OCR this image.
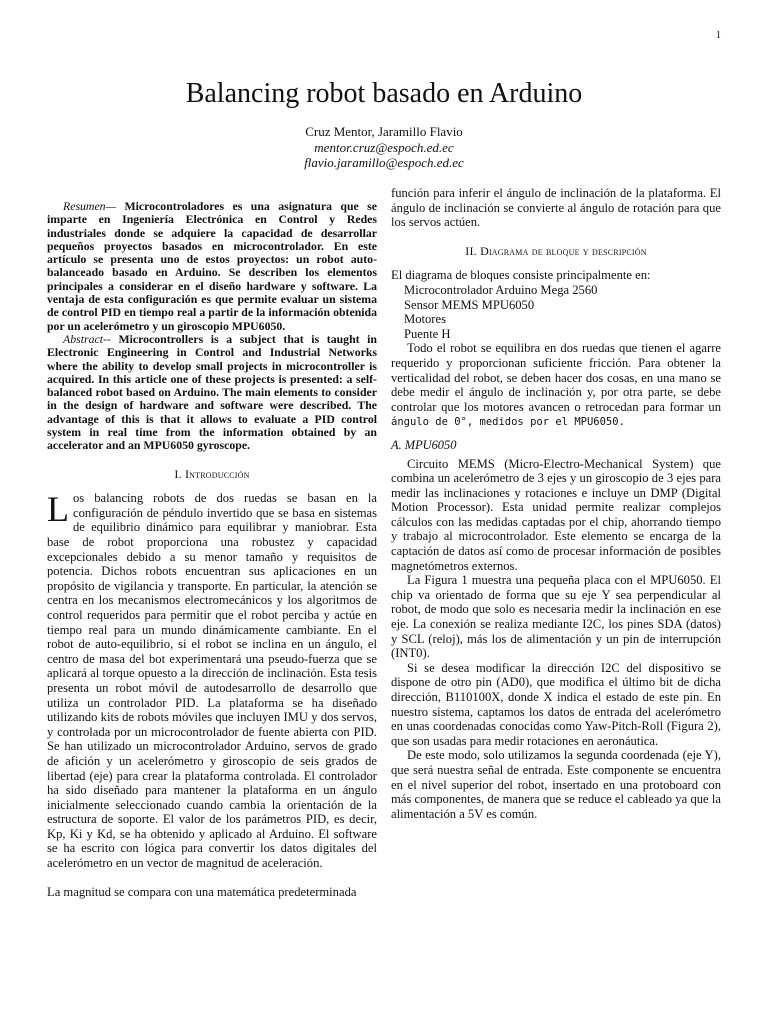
1
Balancing robot basado en Arduino
Cruz Mentor, Jaramillo Flavio
mentor.cruz@espoch.ed.ec
flavio.jaramillo@espoch.ed.ec

Resumen— Microcontroladores es una asignatura que se imparte en Ingeniería Electrónica en Control y Redes industriales donde se adquiere la capacidad de desarrollar pequeños proyectos basados en microcontrolador. En este artículo se presenta uno de estos proyectos: un robot auto-balanceado basado en Arduino. Se describen los elementos principales a considerar en el diseño hardware y software. La ventaja de esta configuración es que permite evaluar un sistema de control PID en tiempo real a partir de la información obtenida por un acelerómetro y un giroscopio MPU6050.

Abstract-- Microcontrollers is a subject that is taught in Electronic Engineering in Control and Industrial Networks where the ability to develop small projects in microcontroller is acquired. In this article one of these projects is presented: a self-balanced robot based on Arduino. The main elements to consider in the design of hardware and software were described. The advantage of this is that it allows to evaluate a PID control system in real time from the information obtained by an accelerator and an MPU6050 gyroscope.

I. Introducción

Los balancing robots de dos ruedas se basan en la configuración de péndulo invertido que se basa en sistemas de equilibrio dinámico para equilibrar y maniobrar. Esta base de robot proporciona una robustez y capacidad excepcionales debido a su menor tamaño y requisitos de potencia. Dichos robots encuentran sus aplicaciones en un propósito de vigilancia y transporte. En particular, la atención se centra en los mecanismos electromecánicos y los algoritmos de control requeridos para permitir que el robot perciba y actúe en tiempo real para un mundo dinámicamente cambiante. En el robot de auto-equilibrio, si el robot se inclina en un ángulo, el centro de masa del bot experimentará una pseudo-fuerza que se aplicará al torque opuesto a la dirección de inclinación. Esta tesis presenta un robot móvil de autodesarrollo de desarrollo que utiliza un controlador PID. La plataforma se ha diseñado utilizando kits de robots móviles que incluyen IMU y dos servos, y controlada por un microcontrolador de fuente abierta con PID. Se han utilizado un microcontrolador Arduino, servos de grado de afición y un acelerómetro y giroscopio de seis grados de libertad (eje) para crear la plataforma controlada. El controlador ha sido diseñado para mantener la plataforma en un ángulo inicialmente seleccionado cuando cambia la orientación de la estructura de soporte. El valor de los parámetros PID, es decir, Kp, Ki y Kd, se ha obtenido y aplicado al Arduino. El software se ha escrito con lógica para convertir los datos digitales del acelerómetro en un vector de magnitud de aceleración.

La magnitud se compara con una matemática predeterminada

función para inferir el ángulo de inclinación de la plataforma. El ángulo de inclinación se convierte al ángulo de rotación para que los servos actúen.

II. Diagrama de bloque y descripción

El diagrama de bloques consiste principalmente en:

Microcontrolador Arduino Mega 2560
Sensor MEMS MPU6050
Motores
Puente H

Todo el robot se equilibra en dos ruedas que tienen el agarre requerido y proporcionan suficiente fricción. Para obtener la verticalidad del robot, se deben hacer dos cosas, en una mano se debe medir el ángulo de inclinación y, por otra parte, se debe controlar que los motores avancen o retrocedan para formar un ángulo de 0°, medidos por el MPU6050.

A. MPU6050

Circuito MEMS (Micro-Electro-Mechanical System) que combina un acelerómetro de 3 ejes y un giroscopio de 3 ejes para medir las inclinaciones y rotaciones e incluye un DMP (Digital Motion Processor). Esta unidad permite realizar complejos cálculos con las medidas captadas por el chip, ahorrando tiempo y trabajo al microcontrolador. Este elemento se encarga de la captación de datos así como de procesar información de posibles magnetómetros externos.

La Figura 1 muestra una pequeña placa con el MPU6050. El chip va orientado de forma que su eje Y sea perpendicular al robot, de modo que solo es necesaria medir la inclinación en ese eje. La conexión se realiza mediante I2C, los pines SDA (datos) y SCL (reloj), más los de alimentación y un pin de interrupción (INT0).

Si se desea modificar la dirección I2C del dispositivo se dispone de otro pin (AD0), que modifica el último bit de dicha dirección, B110100X, donde X indica el estado de este pin. En nuestro sistema, captamos los datos de entrada del acelerómetro en unas coordenadas conocidas como Yaw-Pitch-Roll (Figura 2), que son usadas para medir rotaciones en aeronáutica.

De este modo, solo utilizamos la segunda coordenada (eje Y), que será nuestra señal de entrada. Este componente se encuentra en el nivel superior del robot, insertado en una protoboard con más componentes, de manera que se reduce el cableado ya que la alimentación a 5V es común.
